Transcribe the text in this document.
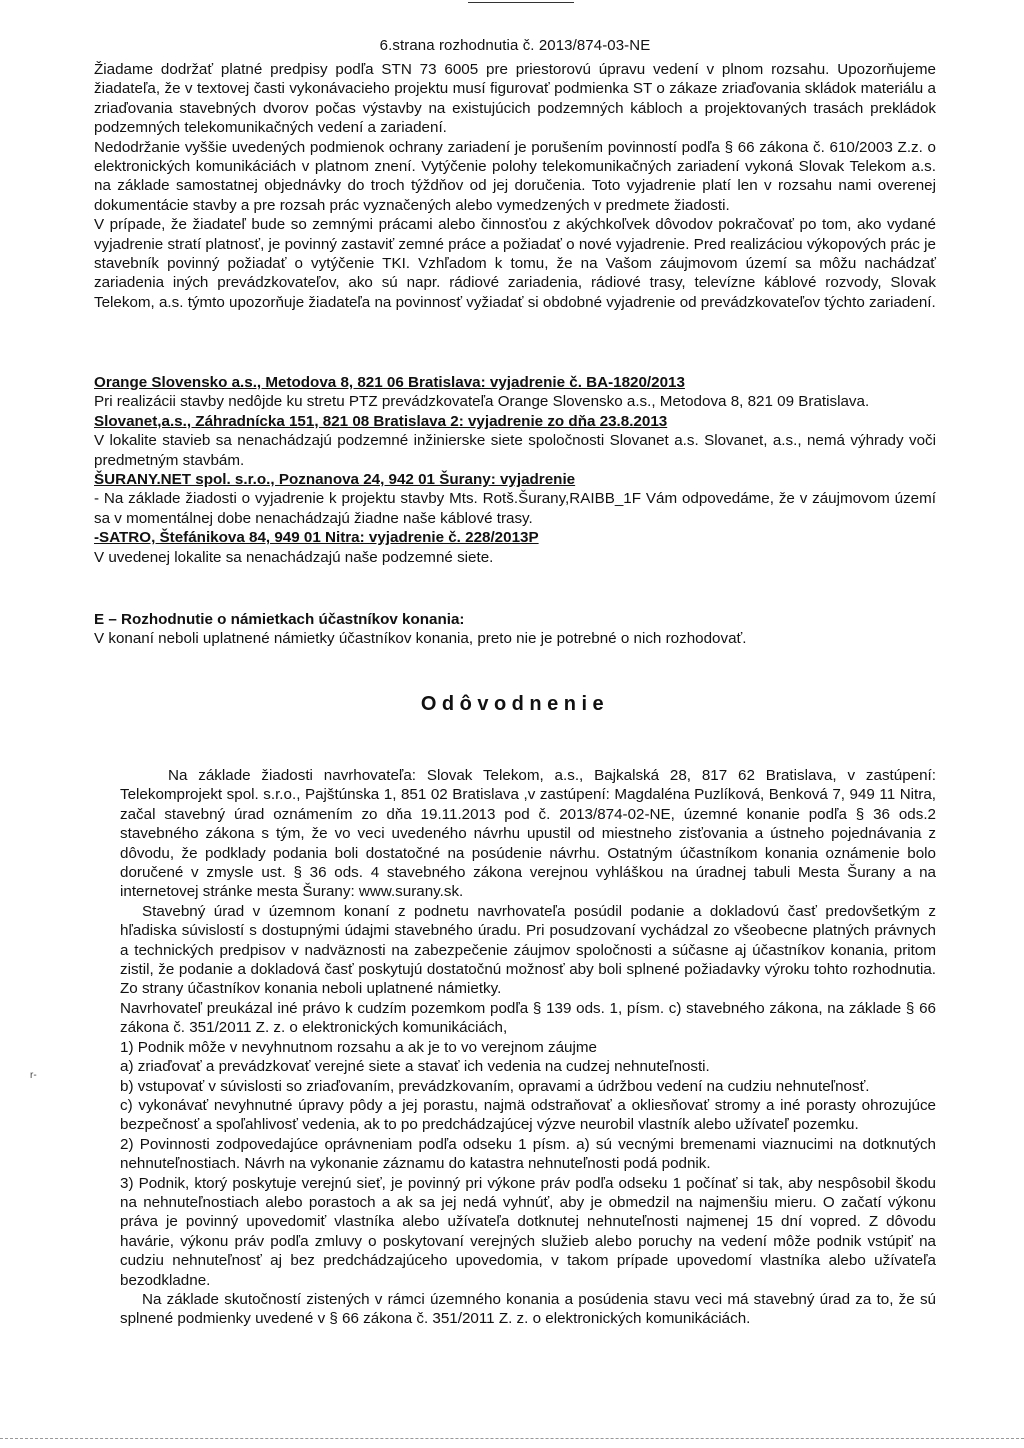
6.strana rozhodnutia č. 2013/874-03-NE

Žiadame dodržať platné predpisy podľa STN 73 6005 pre priestorovú úpravu vedení v plnom rozsahu. Upozorňujeme žiadateľa, že v textovej časti vykonávacieho projektu musí figurovať podmienka ST o zákaze zriaďovania skládok materiálu a zriaďovania stavebných dvorov počas výstavby na existujúcich podzemných kábloch a projektovaných trasách prekládok podzemných telekomunikačných vedení a zariadení.

Nedodržanie vyššie uvedených podmienok ochrany zariadení je porušením povinností podľa § 66 zákona č. 610/2003 Z.z. o elektronických komunikáciách v platnom znení. Vytýčenie polohy telekomunikačných zariadení vykoná Slovak Telekom a.s. na základe samostatnej objednávky do troch týždňov od jej doručenia. Toto vyjadrenie platí len v rozsahu nami overenej dokumentácie stavby a pre rozsah prác vyznačených alebo vymedzených v predmete žiadosti.

V prípade, že žiadateľ bude so zemnými prácami alebo činnosťou z akýchkoľvek dôvodov pokračovať po tom, ako vydané vyjadrenie stratí platnosť, je povinný zastaviť zemné práce a požiadať o nové vyjadrenie. Pred realizáciou výkopových prác je stavebník povinný požiadať o vytýčenie TKI. Vzhľadom k tomu, že na Vašom záujmovom území sa môžu nachádzať zariadenia iných prevádzkovateľov, ako sú napr. rádiové zariadenia, rádiové trasy, televízne káblové rozvody, Slovak Telekom, a.s. týmto upozorňuje žiadateľa na povinnosť vyžiadať si obdobné vyjadrenie od prevádzkovateľov týchto zariadení.

Orange Slovensko a.s., Metodova 8, 821 06 Bratislava: vyjadrenie č. BA-1820/2013

Pri realizácii stavby nedôjde ku stretu PTZ prevádzkovateľa Orange Slovensko a.s., Metodova 8, 821 09 Bratislava.

Slovanet,a.s., Záhradnícka 151, 821 08 Bratislava 2: vyjadrenie zo dňa 23.8.2013

V lokalite stavieb sa nenachádzajú podzemné inžinierske siete spoločnosti Slovanet a.s. Slovanet, a.s., nemá výhrady voči predmetným stavbám.

ŠURANY.NET spol. s.r.o., Poznanova 24, 942 01 Šurany: vyjadrenie

- Na základe žiadosti o vyjadrenie k projektu stavby Mts. Rotš.Šurany,RAIBB_1F Vám odpovedáme, že v záujmovom území sa v momentálnej dobe nenachádzajú žiadne naše káblové trasy.

-SATRO, Štefánikova 84, 949 01 Nitra: vyjadrenie č. 228/2013P

V uvedenej lokalite sa nenachádzajú naše podzemné siete.

E – Rozhodnutie o námietkach účastníkov konania:

V konaní neboli uplatnené námietky účastníkov konania, preto nie je potrebné o nich rozhodovať.

Odôvodnenie

Na základe žiadosti navrhovateľa: Slovak Telekom, a.s., Bajkalská 28, 817 62 Bratislava, v zastúpení: Telekomprojekt spol. s.r.o., Pajštúnska 1, 851 02 Bratislava ,v zastúpení: Magdaléna Puzlíková, Benková 7, 949 11 Nitra, začal stavebný úrad oznámením zo dňa 19.11.2013 pod č. 2013/874-02-NE, územné konanie podľa § 36 ods.2 stavebného zákona s tým, že vo veci uvedeného návrhu upustil od miestneho zisťovania a ústneho pojednávania z dôvodu, že podklady podania boli dostatočné na posúdenie návrhu. Ostatným účastníkom konania oznámenie bolo doručené v zmysle ust. § 36 ods. 4 stavebného zákona verejnou vyhláškou na úradnej tabuli Mesta Šurany a na internetovej stránke mesta Šurany: www.surany.sk.

Stavebný úrad v územnom konaní z podnetu navrhovateľa posúdil podanie a dokladovú časť predovšetkým z hľadiska súvislostí s dostupnými údajmi stavebného úradu. Pri posudzovaní vychádzal zo všeobecne platných právnych a technických predpisov v nadväznosti na zabezpečenie záujmov spoločnosti a súčasne aj účastníkov konania, pritom zistil, že podanie a dokladová časť poskytujú dostatočnú možnosť aby boli splnené požiadavky výroku tohto rozhodnutia. Zo strany účastníkov konania neboli uplatnené námietky.

Navrhovateľ preukázal iné právo k cudzím pozemkom podľa § 139 ods. 1, písm. c) stavebného zákona, na základe § 66 zákona č. 351/2011 Z. z. o elektronických komunikáciách,

1) Podnik môže v nevyhnutnom rozsahu a ak je to vo verejnom záujme

a) zriaďovať a prevádzkovať verejné siete a stavať ich vedenia na cudzej nehnuteľnosti.

b) vstupovať v súvislosti so zriaďovaním, prevádzkovaním, opravami a údržbou vedení na cudziu nehnuteľnosť.

c) vykonávať nevyhnutné úpravy pôdy a jej porastu, najmä odstraňovať a okliesňovať stromy a iné porasty ohrozujúce bezpečnosť a spoľahlivosť vedenia, ak to po predchádzajúcej výzve neurobil vlastník alebo užívateľ pozemku.

2) Povinnosti zodpovedajúce oprávneniam podľa odseku 1 písm. a) sú vecnými bremenami viaznucimi na dotknutých nehnuteľnostiach. Návrh na vykonanie záznamu do katastra nehnuteľnosti podá podnik.

3) Podnik, ktorý poskytuje verejnú sieť, je povinný pri výkone práv podľa odseku 1 počínať si tak, aby nespôsobil škodu na nehnuteľnostiach alebo porastoch a ak sa jej nedá vyhnúť, aby je obmedzil na najmenšiu mieru. O začatí výkonu práva je povinný upovedomiť vlastníka alebo užívateľa dotknutej nehnuteľnosti najmenej 15 dní vopred. Z dôvodu havárie, výkonu práv podľa zmluvy o poskytovaní verejných služieb alebo poruchy na vedení môže podnik vstúpiť na cudziu nehnuteľnosť aj bez predchádzajúceho upovedomia, v takom prípade upovedomí vlastníka alebo užívateľa bezodkladne.

Na základe skutočností zistených v rámci územného konania a posúdenia stavu veci má stavebný úrad za to, že sú splnené podmienky uvedené v § 66 zákona č. 351/2011 Z. z. o elektronických komunikáciách.

r-
